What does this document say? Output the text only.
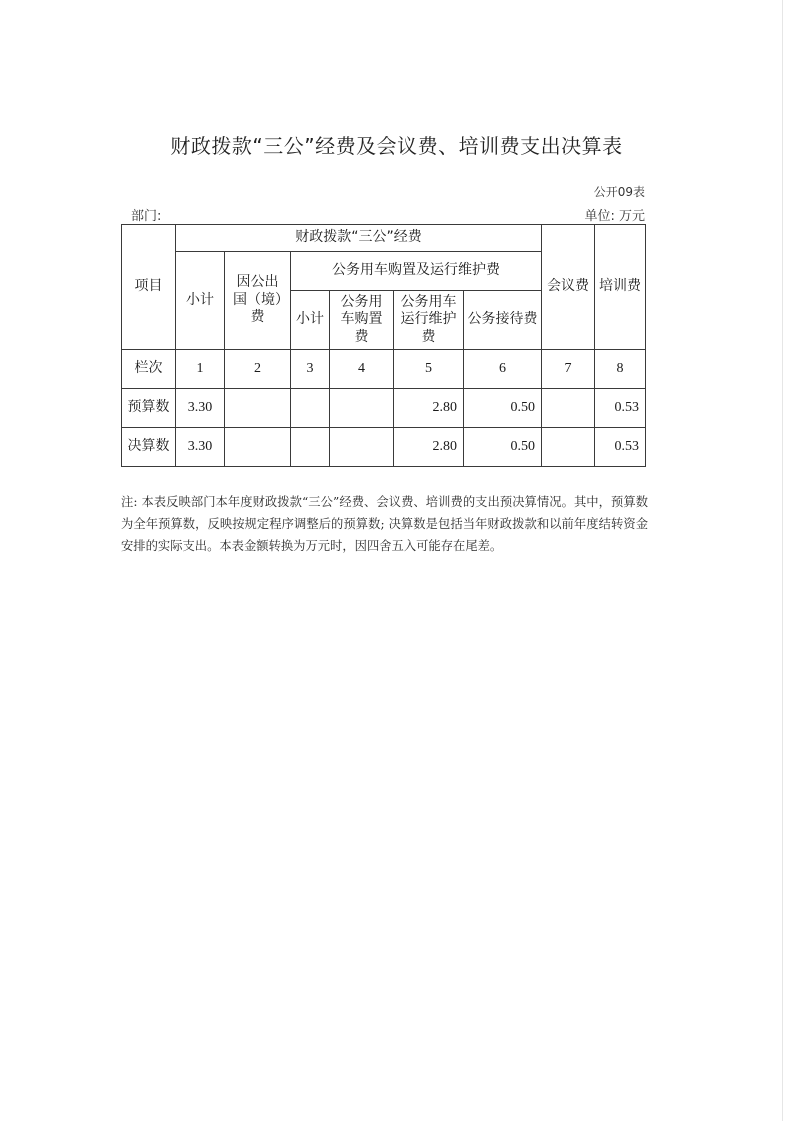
财政拨款“三公”经费及会议费、培训费支出决算表
公开09表
部门:	单位: 万元
项目	财政拨款“三公”经费						会议费	培训费
	小计	因公出国（境）费	公务用车购置及运行维护费					
			小计	公务用车购置费	公务用车运行维护费	公务接待费		
栏次	1	2	3	4	5	6	7	8
预算数	3.30				2.80	0.50		0.53
决算数	3.30				2.80	0.50		0.53
注: 本表反映部门本年度财政拨款“三公”经费、会议费、培训费的支出预决算情况。其中，预算数为全年预算数，反映按规定程序调整后的预算数; 决算数是包括当年财政拨款和以前年度结转资金安排的实际支出。本表金额转换为万元时，因四舍五入可能存在尾差。
